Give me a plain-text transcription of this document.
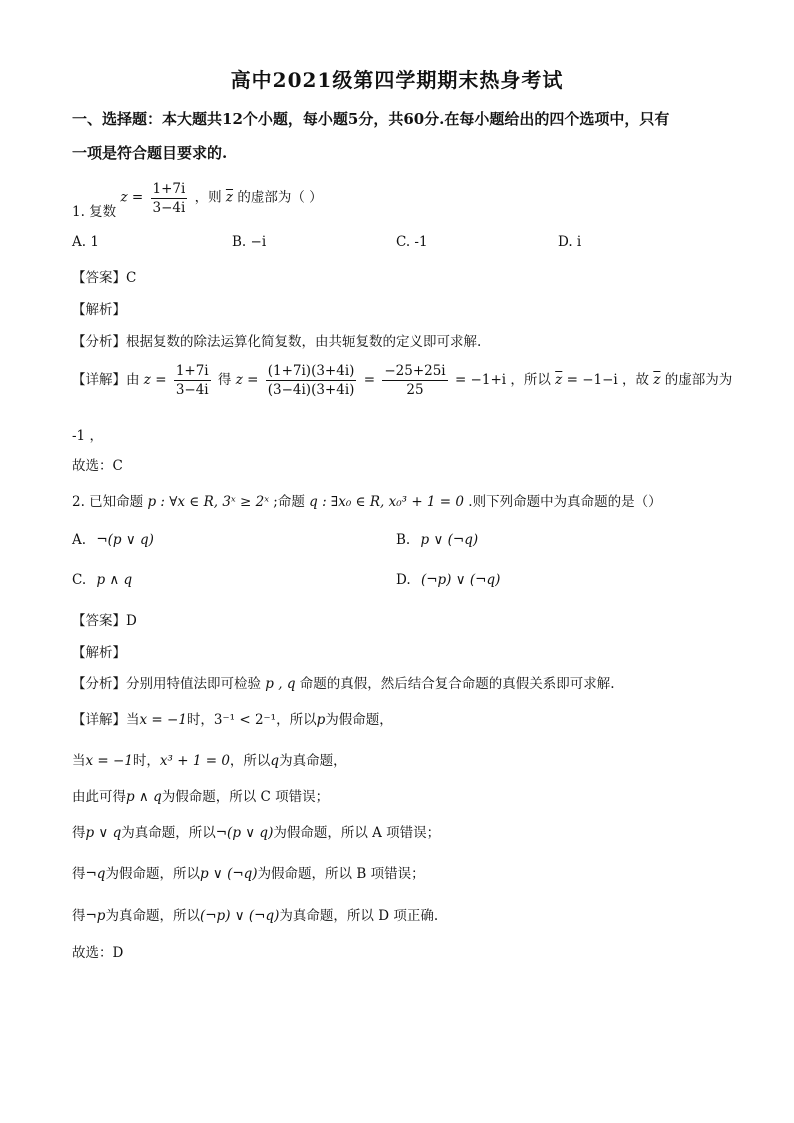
高中2021级第四学期期末热身考试
一、选择题：本大题共12个小题，每小题5分，共60分.在每小题给出的四个选项中，只有
一项是符合题目要求的.
1. 复数 $z = \frac{1+7i}{3-4i}$ ，则 $\overline{z}$ 的虚部为（ ）
A. 1	B. −i	C. -1	D. i
【答案】C
【解析】
【分析】根据复数的除法运算化简复数，由共轭复数的定义即可求解.
【详解】由 $z = \frac{1+7i}{3-4i}$ 得 $z = \frac{(1+7i)(3+4i)}{(3-4i)(3+4i)} = \frac{-25+25i}{25} = -1+i$ ，所以 $\overline{z} = -1-i$ ，故 $\overline{z}$ 的虚部为为
-1 ，
故选：C
2. 已知命题 p : ∀x ∈ R, 3ˣ ≥ 2ˣ ;命题 q : ∃x₀ ∈ R, x₀³ + 1 = 0 .则下列命题中为真命题的是（）
A. ¬(p ∨ q)	B. p ∨ (¬q)
C. p ∧ q	D. (¬p) ∨ (¬q)
【答案】D
【解析】
【分析】分别用特值法即可检验 p , q 命题的真假，然后结合复合命题的真假关系即可求解.
【详解】当x = −1时，3⁻¹ < 2⁻¹，所以p为假命题，
当x = −1时，x³ + 1 = 0，所以q为真命题，
由此可得p ∧ q为假命题，所以 C 项错误；
得p ∨ q为真命题，所以¬(p ∨ q)为假命题，所以 A 项错误；
得¬q为假命题，所以p ∨ (¬q)为假命题，所以 B 项错误；
得¬p为真命题，所以(¬p) ∨ (¬q)为真命题，所以 D 项正确.
故选：D
